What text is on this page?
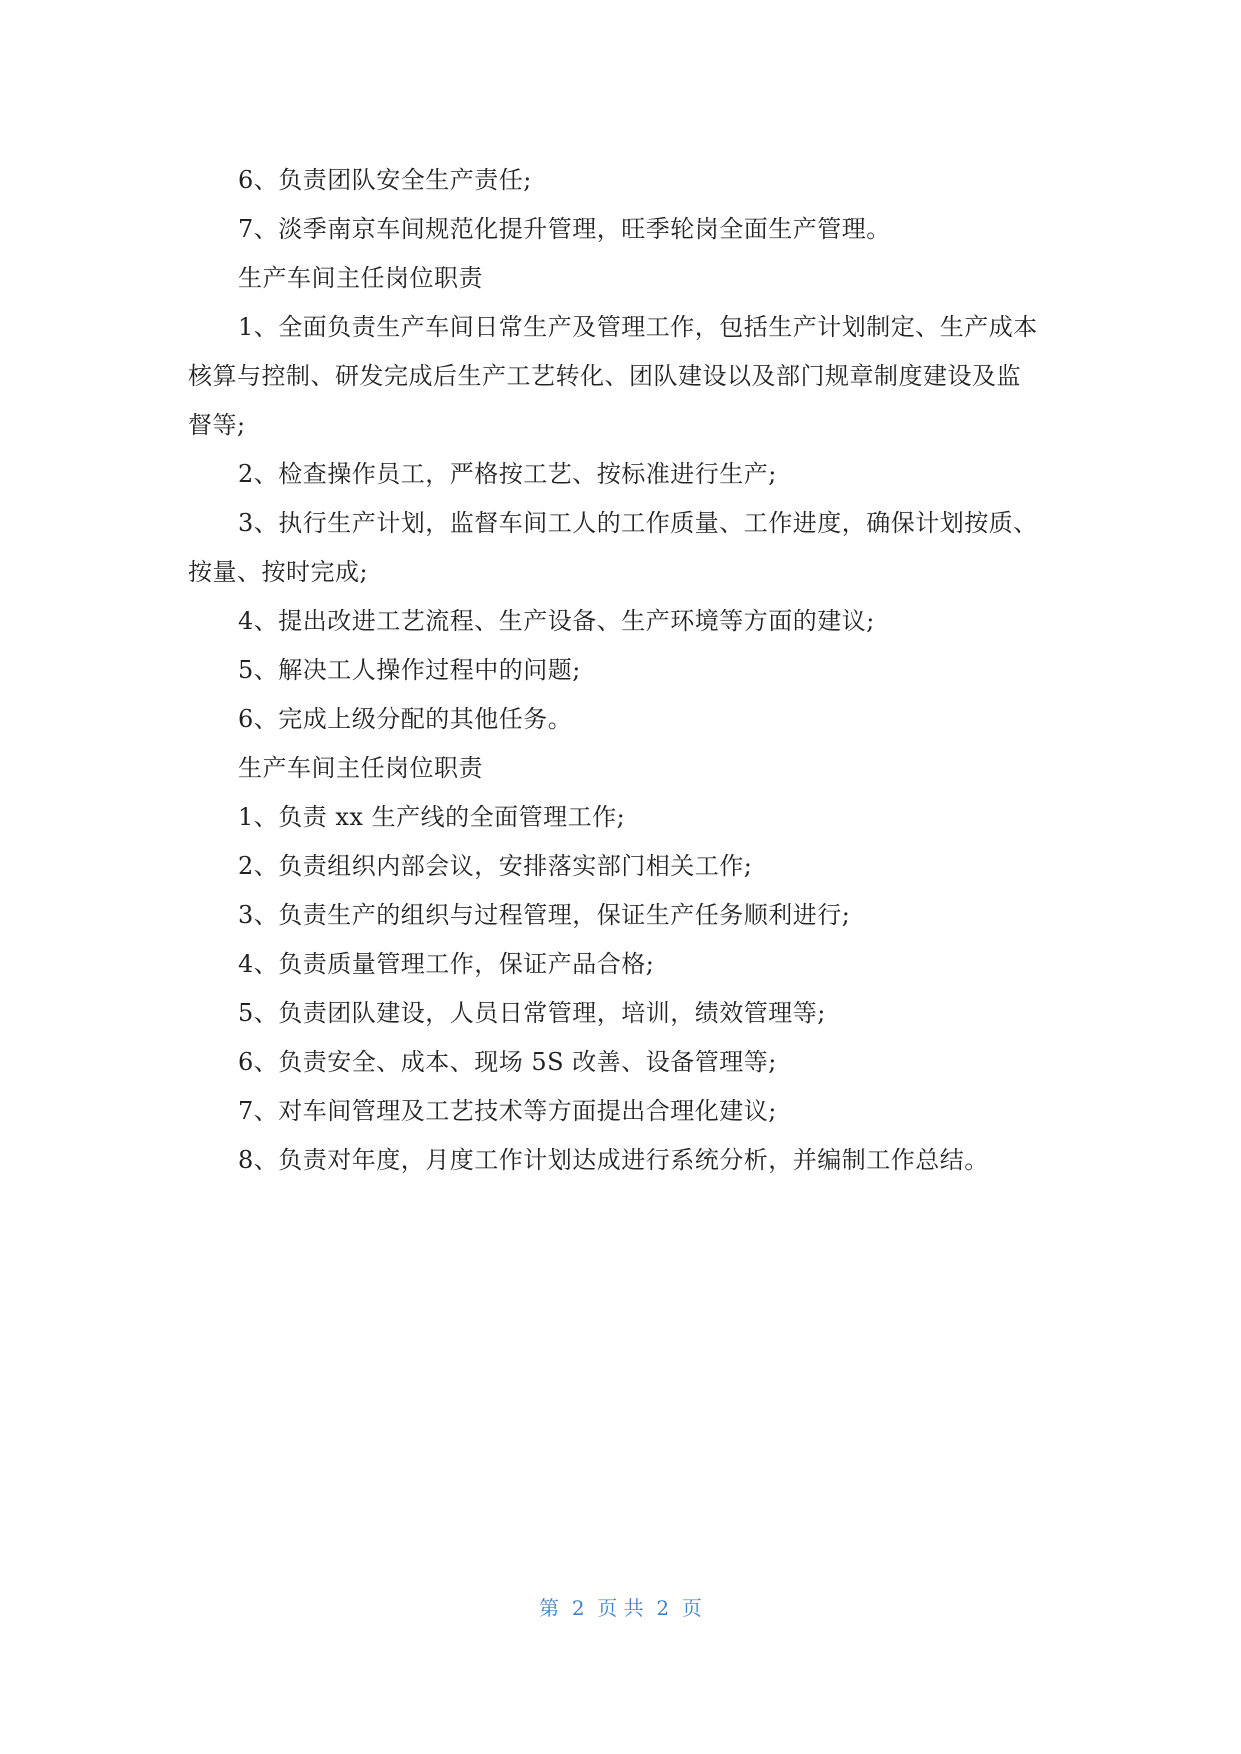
6、负责团队安全生产责任;
7、淡季南京车间规范化提升管理，旺季轮岗全面生产管理。
生产车间主任岗位职责
1、全面负责生产车间日常生产及管理工作，包括生产计划制定、生产成本
核算与控制、研发完成后生产工艺转化、团队建设以及部门规章制度建设及监
督等;
2、检查操作员工，严格按工艺、按标准进行生产;
3、执行生产计划，监督车间工人的工作质量、工作进度，确保计划按质、
按量、按时完成;
4、提出改进工艺流程、生产设备、生产环境等方面的建议;
5、解决工人操作过程中的问题;
6、完成上级分配的其他任务。
生产车间主任岗位职责
1、负责 xx 生产线的全面管理工作;
2、负责组织内部会议，安排落实部门相关工作;
3、负责生产的组织与过程管理，保证生产任务顺利进行;
4、负责质量管理工作，保证产品合格;
5、负责团队建设，人员日常管理，培训，绩效管理等;
6、负责安全、成本、现场 5S 改善、设备管理等;
7、对车间管理及工艺技术等方面提出合理化建议;
8、负责对年度，月度工作计划达成进行系统分析，并编制工作总结。
第  2  页 共  2  页
